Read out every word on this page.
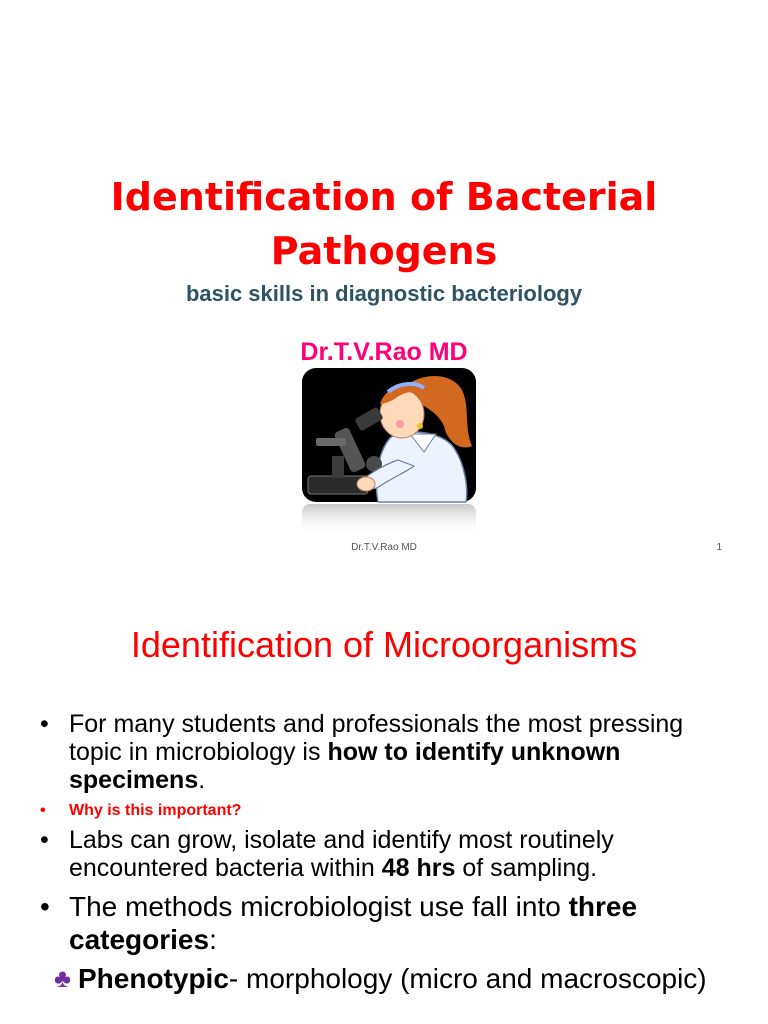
Identification of Bacterial
Pathogens
basic skills in diagnostic bacteriology
Dr.T.V.Rao MD
Dr.T.V.Rao MD	1
Identification of Microorganisms
• For many students and professionals the most pressing topic in microbiology is how to identify unknown specimens.
• Why is this important?
• Labs can grow, isolate and identify most routinely encountered bacteria within 48 hrs of sampling.
• The methods microbiologist use fall into three categories:
♣ Phenotypic- morphology (micro and macroscopic)
